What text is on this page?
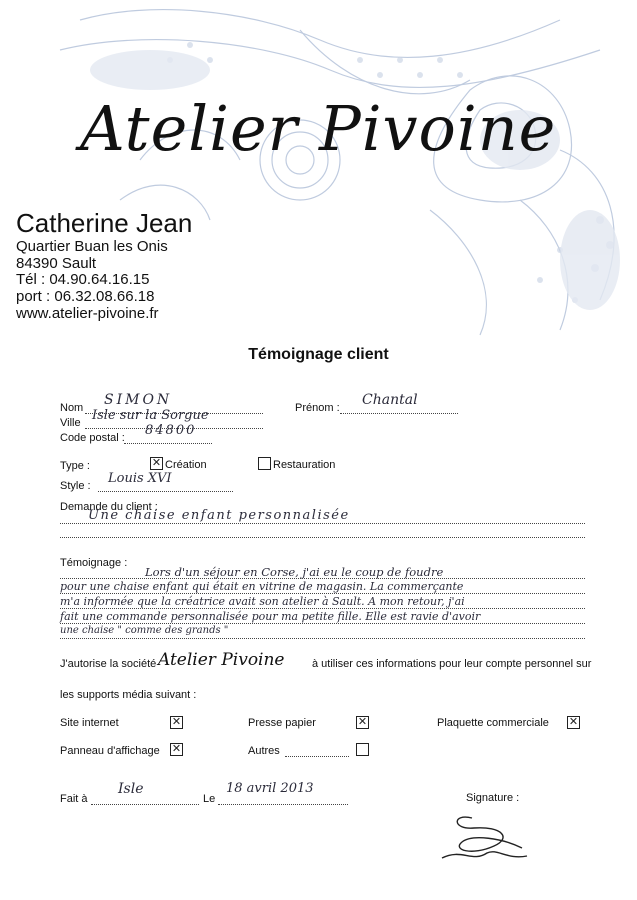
Atelier Pivoine
Catherine Jean
Quartier Buan les Onis
84390 Sault
Tél : 04.90.64.16.15
port : 06.32.08.66.18
www.atelier-pivoine.fr
Témoignage client
Nom SIMON	Prénom : Chantal
Ville Isle sur la Sorgue
Code postal : 84800
Type :	✕ Création	Restauration
Style : Louis XVI
Demande du client :
Une chaise enfant personnalisée
Témoignage :
Lors d'un séjour en Corse, j'ai eu le coup de foudre
pour une chaise enfant qui était en vitrine de magasin. La commerçante
m'a informée que la créatrice avait son atelier à Sault. A mon retour, j'ai
fait une commande personnalisée pour ma petite fille. Elle est ravie d'avoir
une chaise " comme des grands "
J'autorise la société Atelier Pivoine	à utiliser ces informations pour leur compte personnel sur
les supports média suivant :
Site internet	✕	Presse papier	✕	Plaquette commerciale ✕
Panneau d'affichage ✕	Autres
Fait à
Isle
Le
18 avril 2013
Signature :
